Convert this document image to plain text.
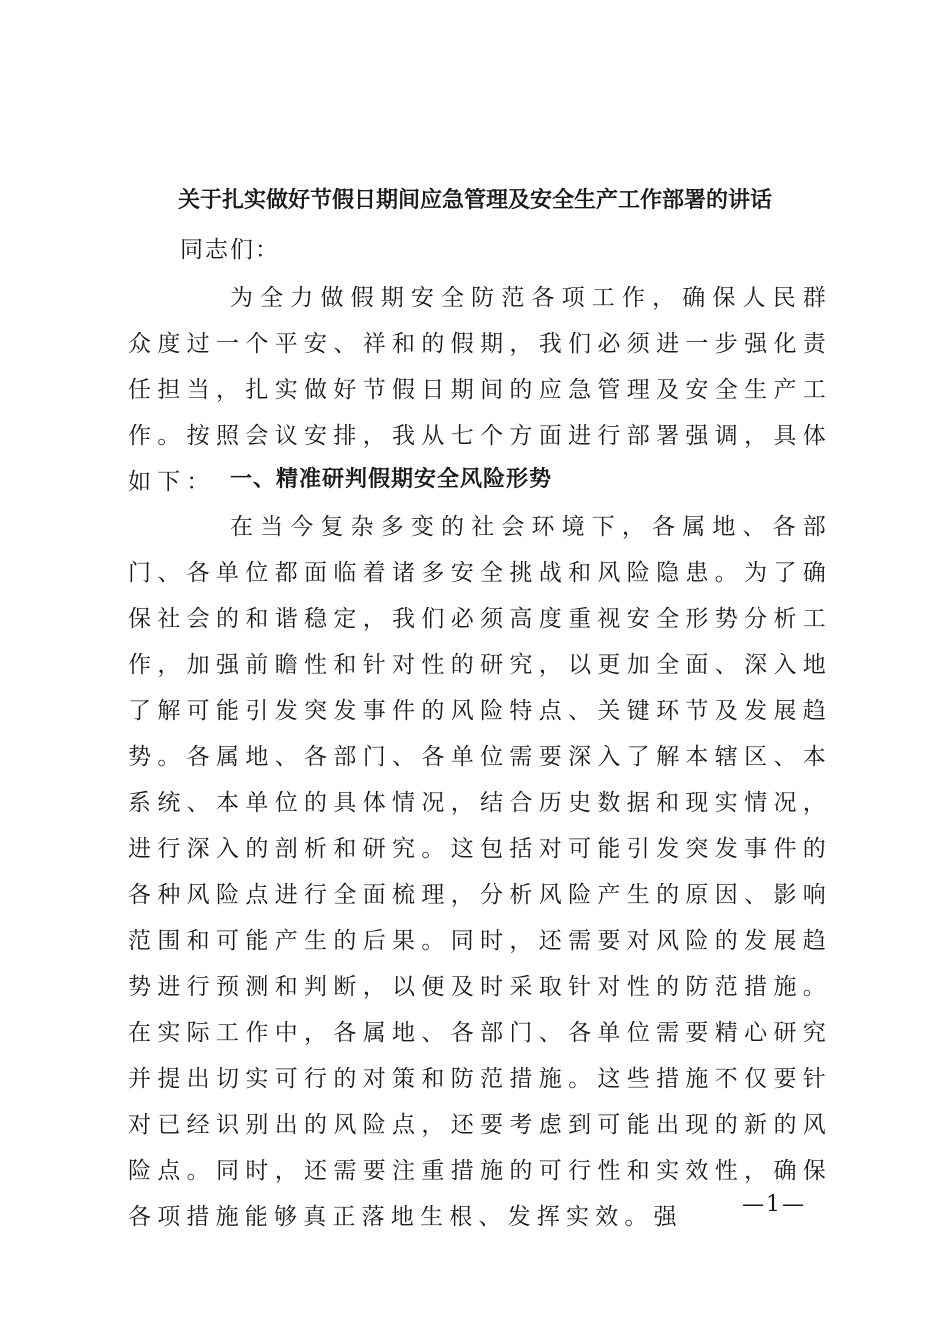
关于扎实做好节假日期间应急管理及安全生产工作部署的讲话
同志们：
为全力做假期安全防范各项工作，确保人民群众度过一个平安、祥和的假期，我们必须进一步强化责任担当，扎实做好节假日期间的应急管理及安全生产工作。按照会议安排，我从七个方面进行部署强调，具体如下： 一、精准研判假期安全风险形势
在当今复杂多变的社会环境下，各属地、各部门、各单位都面临着诸多安全挑战和风险隐患。为了确保社会的和谐稳定，我们必须高度重视安全形势分析工作，加强前瞻性和针对性的研究，以更加全面、深入地了解可能引发突发事件的风险特点、关键环节及发展趋势。各属地、各部门、各单位需要深入了解本辖区、本系统、本单位的具体情况，结合历史数据和现实情况，进行深入的剖析和研究。这包括对可能引发突发事件的各种风险点进行全面梳理，分析风险产生的原因、影响范围和可能产生的后果。同时，还需要对风险的发展趋势进行预测和判断，以便及时采取针对性的防范措施。在实际工作中，各属地、各部门、各单位需要精心研究并提出切实可行的对策和防范措施。这些措施不仅要针对已经识别出的风险点，还要考虑到可能出现的新的风险点。同时，还需要注重措施的可行性和实效性，确保各项措施能够真正落地生根、发挥实效。强	—1—
